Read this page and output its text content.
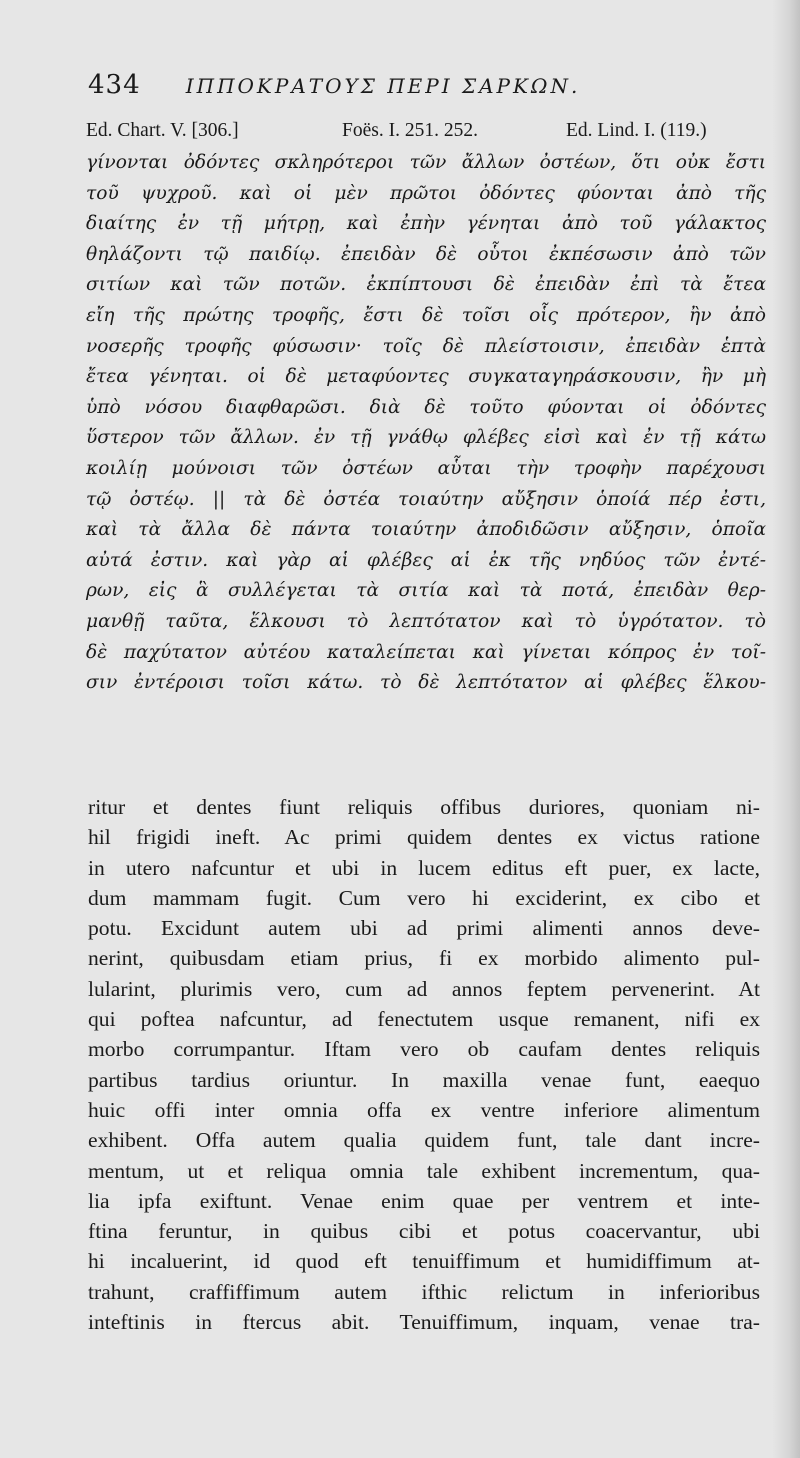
434 ΙΠΠΟΚΡΑΤΟΥΣ ΠΕΡΙ ΣΑΡΚΩΝ.
Ed. Chart. V. [306.]	Foës. I. 251. 252.	Ed. Lind. I. (119.)
γίνονται ὀδόντες σκληρότεροι τῶν ἄλλων ὀστέων, ὅτι οὐκ ἔστι
τοῦ ψυχροῦ. καὶ οἱ μὲν πρῶτοι ὀδόντες φύονται ἀπὸ τῆς
διαίτης ἐν τῇ μήτρῃ, καὶ ἐπὴν γένηται ἀπὸ τοῦ γάλακτος
θηλάζοντι τῷ παιδίῳ. ἐπειδὰν δὲ οὗτοι ἐκπέσωσιν ἀπὸ τῶν
σιτίων καὶ τῶν ποτῶν. ἐκπίπτουσι δὲ ἐπειδὰν ἐπὶ τὰ ἔτεα
εἴη τῆς πρώτης τροφῆς, ἔστι δὲ τοῖσι οἷς πρότερον, ἢν ἀπὸ
νοσερῆς τροφῆς φύσωσιν· τοῖς δὲ πλείστοισιν, ἐπειδὰν ἑπτὰ
ἔτεα γένηται. οἱ δὲ μεταφύοντες συγκαταγηράσκουσιν, ἢν μὴ
ὑπὸ νόσου διαφθαρῶσι. διὰ δὲ τοῦτο φύονται οἱ ὀδόντες
ὕστερον τῶν ἄλλων. ἐν τῇ γνάθῳ φλέβες εἰσὶ καὶ ἐν τῇ κάτω
κοιλίῃ μούνοισι τῶν ὀστέων αὗται τὴν τροφὴν παρέχουσι
τῷ ὀστέῳ. || τὰ δὲ ὀστέα τοιαύτην αὔξησιν ὁποίά πέρ ἐστι,
καὶ τὰ ἄλλα δὲ πάντα τοιαύτην ἀποδιδῶσιν αὔξησιν, ὁποῖα
αὐτά ἐστιν. καὶ γὰρ αἱ φλέβες αἱ ἐκ τῆς νηδύος τῶν ἐντέ-
ρων, εἰς ἃ συλλέγεται τὰ σιτία καὶ τὰ ποτά, ἐπειδὰν θερ-
μανθῇ ταῦτα, ἕλκουσι τὸ λεπτότατον καὶ τὸ ὑγρότατον. τὸ
δὲ παχύτατον αὐτέου καταλείπεται καὶ γίνεται κόπρος ἐν τοῖ-
σιν ἐντέροισι τοῖσι κάτω. τὸ δὲ λεπτότατον αἱ φλέβες ἕλκου-
ritur et dentes fiunt reliquis offibus duriores, quoniam ni-
hil frigidi ineft. Ac primi quidem dentes ex victus ratione
in utero nafcuntur et ubi in lucem editus eft puer, ex lacte,
dum mammam fugit. Cum vero hi exciderint, ex cibo et
potu. Excidunt autem ubi ad primi alimenti annos deve-
nerint, quibusdam etiam prius, fi ex morbido alimento pul-
lularint, plurimis vero, cum ad annos feptem pervenerint. At
qui poftea nafcuntur, ad fenectutem usque remanent, nifi ex
morbo corrumpantur. Iftam vero ob caufam dentes reliquis
partibus tardius oriuntur. In maxilla venae funt, eaequo
huic offi inter omnia offa ex ventre inferiore alimentum
exhibent. Offa autem qualia quidem funt, tale dant incre-
mentum, ut et reliqua omnia tale exhibent incrementum, qua-
lia ipfa exiftunt. Venae enim quae per ventrem et inte-
ftina feruntur, in quibus cibi et potus coacervantur, ubi
hi incaluerint, id quod eft tenuiffimum et humidiffimum at-
trahunt, craffiffimum autem ifthic relictum in inferioribus
inteftinis in ftercus abit. Tenuiffimum, inquam, venae tra-
